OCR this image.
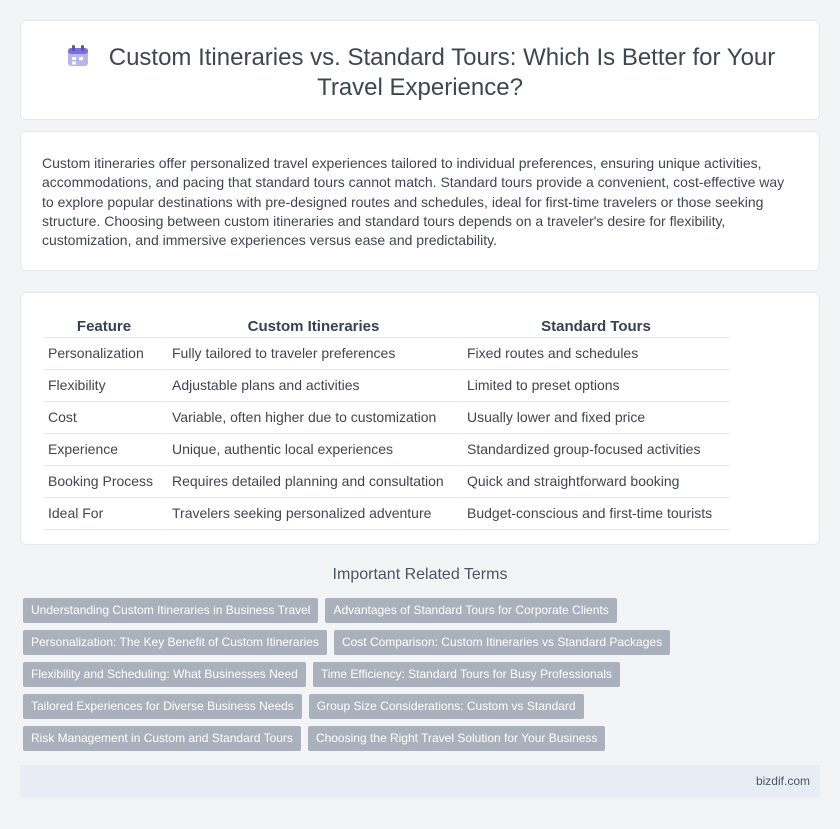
Custom Itineraries vs. Standard Tours: Which Is Better for Your
Travel Experience?

Custom itineraries offer personalized travel experiences tailored to individual preferences, ensuring unique activities, accommodations, and pacing that standard tours cannot match. Standard tours provide a convenient, cost-effective way to explore popular destinations with pre-designed routes and schedules, ideal for first-time travelers or those seeking structure. Choosing between custom itineraries and standard tours depends on a traveler's desire for flexibility, customization, and immersive experiences versus ease and predictability.

Feature	Custom Itineraries	Standard Tours
Personalization	Fully tailored to traveler preferences	Fixed routes and schedules
Flexibility	Adjustable plans and activities	Limited to preset options
Cost	Variable, often higher due to customization	Usually lower and fixed price
Experience	Unique, authentic local experiences	Standardized group-focused activities
Booking Process	Requires detailed planning and consultation	Quick and straightforward booking
Ideal For	Travelers seeking personalized adventure	Budget-conscious and first-time tourists
Important Related Terms
Understanding Custom Itineraries in Business Travel	Advantages of Standard Tours for Corporate Clients
Personalization: The Key Benefit of Custom Itineraries	Cost Comparison: Custom Itineraries vs Standard Packages
Flexibility and Scheduling: What Businesses Need	Time Efficiency: Standard Tours for Busy Professionals
Tailored Experiences for Diverse Business Needs	Group Size Considerations: Custom vs Standard
Risk Management in Custom and Standard Tours	Choosing the Right Travel Solution for Your Business
bizdif.com
